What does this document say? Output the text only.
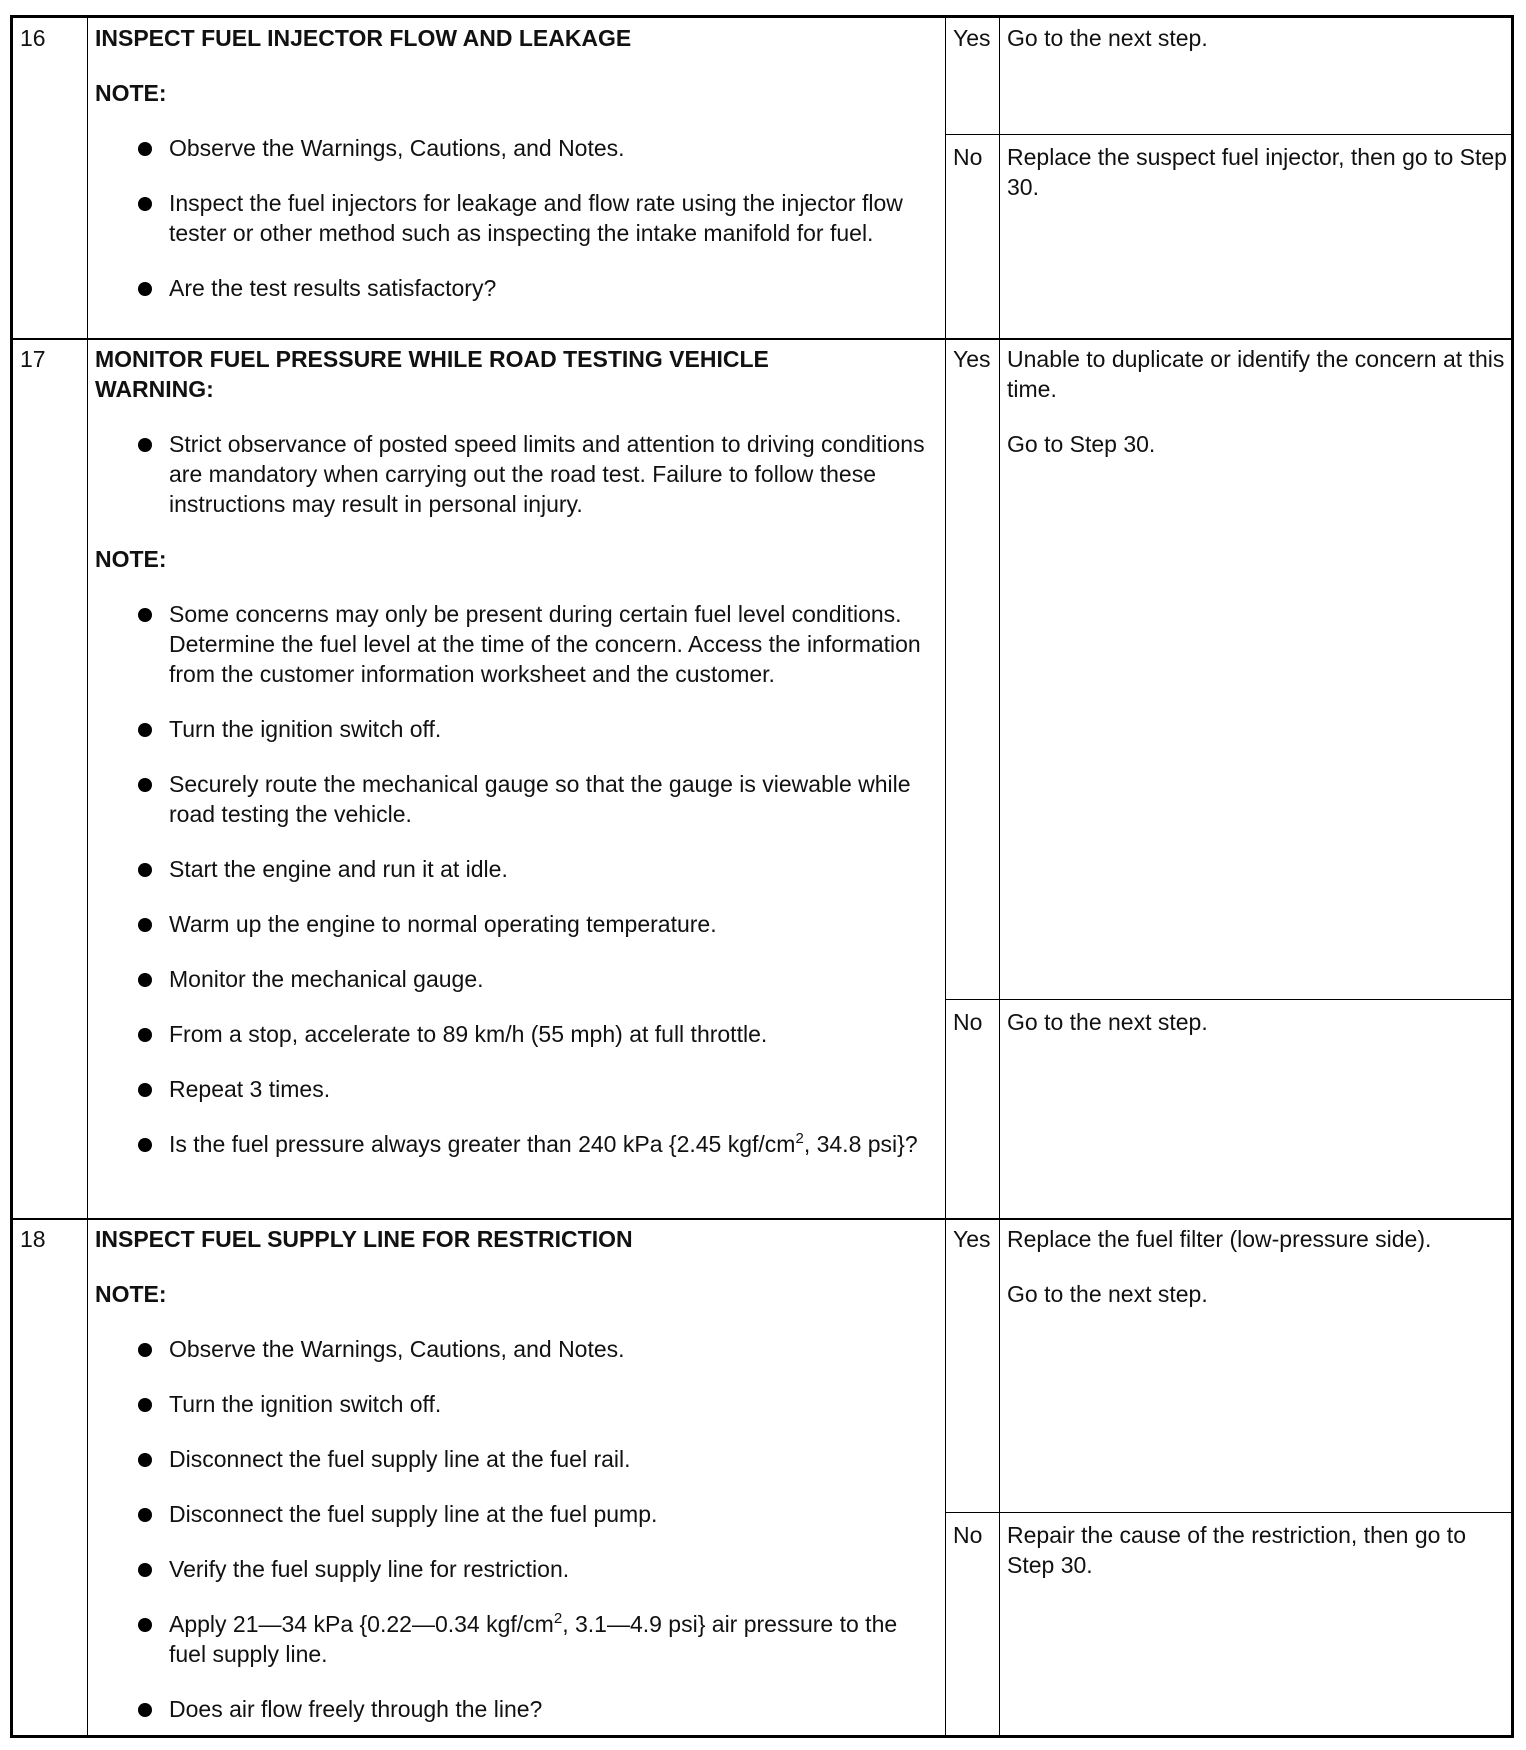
16 INSPECT FUEL INJECTOR FLOW AND LEAKAGE

NOTE:

Observe the Warnings, Cautions, and Notes.
Inspect the fuel injectors for leakage and flow rate using the injector flow tester or other method such as inspecting the intake manifold for fuel.
Are the test results satisfactory?
Yes Go to the next step.
No Replace the suspect fuel injector, then go to Step 30.
17 MONITOR FUEL PRESSURE WHILE ROAD TESTING VEHICLE

WARNING:

Strict observance of posted speed limits and attention to driving conditions are mandatory when carrying out the road test. Failure to follow these instructions may result in personal injury.

NOTE:

Some concerns may only be present during certain fuel level conditions. Determine the fuel level at the time of the concern. Access the information from the customer information worksheet and the customer.
Turn the ignition switch off.
Securely route the mechanical gauge so that the gauge is viewable while road testing the vehicle.
Start the engine and run it at idle.
Warm up the engine to normal operating temperature.
Monitor the mechanical gauge.
From a stop, accelerate to 89 km/h (55 mph) at full throttle.
Repeat 3 times.
Is the fuel pressure always greater than 240 kPa {2.45 kgf/$cm^2$, 34.8 psi}?
Yes Unable to duplicate or identify the concern at this time.

Go to Step 30.

No Go to the next step.
18 INSPECT FUEL SUPPLY LINE FOR RESTRICTION

NOTE:

Observe the Warnings, Cautions, and Notes.
Turn the ignition switch off.
Disconnect the fuel supply line at the fuel rail.
Disconnect the fuel supply line at the fuel pump.
Verify the fuel supply line for restriction.
Apply 21—34 kPa {0.22—0.34 kgf/$cm^2$, 3.1—4.9 psi} air pressure to the fuel supply line.
Does air flow freely through the line?
Yes Replace the fuel filter (low-pressure side).

Go to the next step.

No Repair the cause of the restriction, then go to Step 30.
